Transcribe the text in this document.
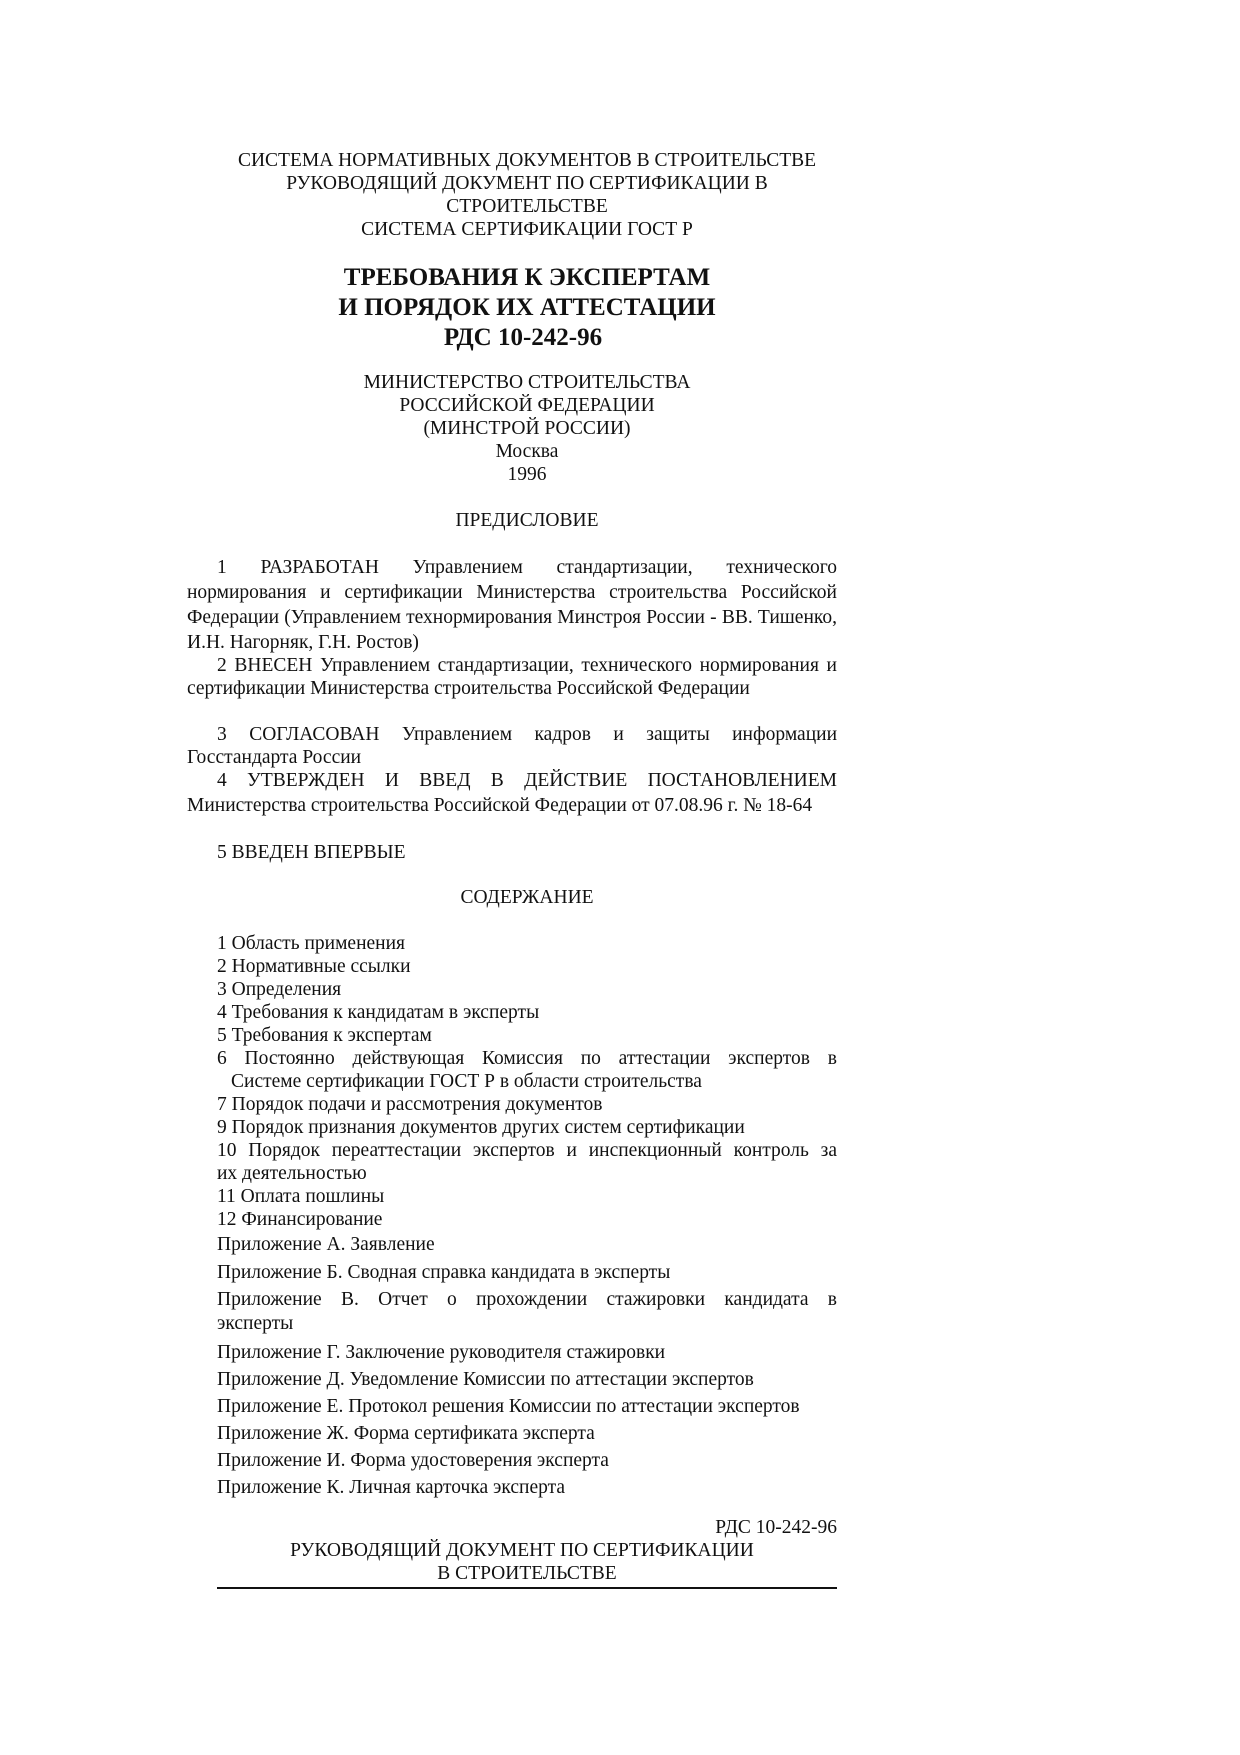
СИСТЕМА НОРМАТИВНЫХ ДОКУМЕНТОВ В СТРОИТЕЛЬСТВЕ
РУКОВОДЯЩИЙ ДОКУМЕНТ ПО СЕРТИФИКАЦИИ В
СТРОИТЕЛЬСТВЕ
СИСТЕМА СЕРТИФИКАЦИИ ГОСТ Р
ТРЕБОВАНИЯ К ЭКСПЕРТАМ
И ПОРЯДОК ИХ АТТЕСТАЦИИ
РДС 10-242-96
МИНИСТЕРСТВО СТРОИТЕЛЬСТВА
РОССИЙСКОЙ ФЕДЕРАЦИИ
(МИНСТРОЙ РОССИИ)
Москва
1996
ПРЕДИСЛОВИЕ
1 РАЗРАБОТАН Управлением стандартизации, технического нормирования и сертификации Министерства строительства Российской Федерации (Управлением технормирования Минстроя России - ВВ. Тишенко, И.Н. Нагорняк, Г.Н. Ростов)
2 ВНЕСЕН Управлением стандартизации, технического нормирования и сертификации Министерства строительства Российской Федерации
3 СОГЛАСОВАН Управлением кадров и защиты информации Госстандарта России
4 УТВЕРЖДЕН И ВВЕД В ДЕЙСТВИЕ ПОСТАНОВЛЕНИЕМ Министерства строительства Российской Федерации от 07.08.96 г. № 18-64
5 ВВЕДЕН ВПЕРВЫЕ
СОДЕРЖАНИЕ
1 Область применения
2 Нормативные ссылки
3 Определения
4 Требования к кандидатам в эксперты
5 Требования к экспертам
6 Постоянно действующая Комиссия по аттестации экспертов в
Системе сертификации ГОСТ Р в области строительства
7 Порядок подачи и рассмотрения документов
9 Порядок признания документов других систем сертификации
10 Порядок переаттестации экспертов и инспекционный контроль за
их деятельностью
11 Оплата пошлины
12 Финансирование
Приложение А. Заявление
Приложение Б. Сводная справка кандидата в эксперты
Приложение В. Отчет о прохождении стажировки кандидата в
эксперты
Приложение Г. Заключение руководителя стажировки
Приложение Д. Уведомление Комиссии по аттестации экспертов
Приложение Е. Протокол решения Комиссии по аттестации экспертов
Приложение Ж. Форма сертификата эксперта
Приложение И. Форма удостоверения эксперта
Приложение К. Личная карточка эксперта
РДС 10-242-96
РУКОВОДЯЩИЙ ДОКУМЕНТ ПО СЕРТИФИКАЦИИ
В СТРОИТЕЛЬСТВЕ
